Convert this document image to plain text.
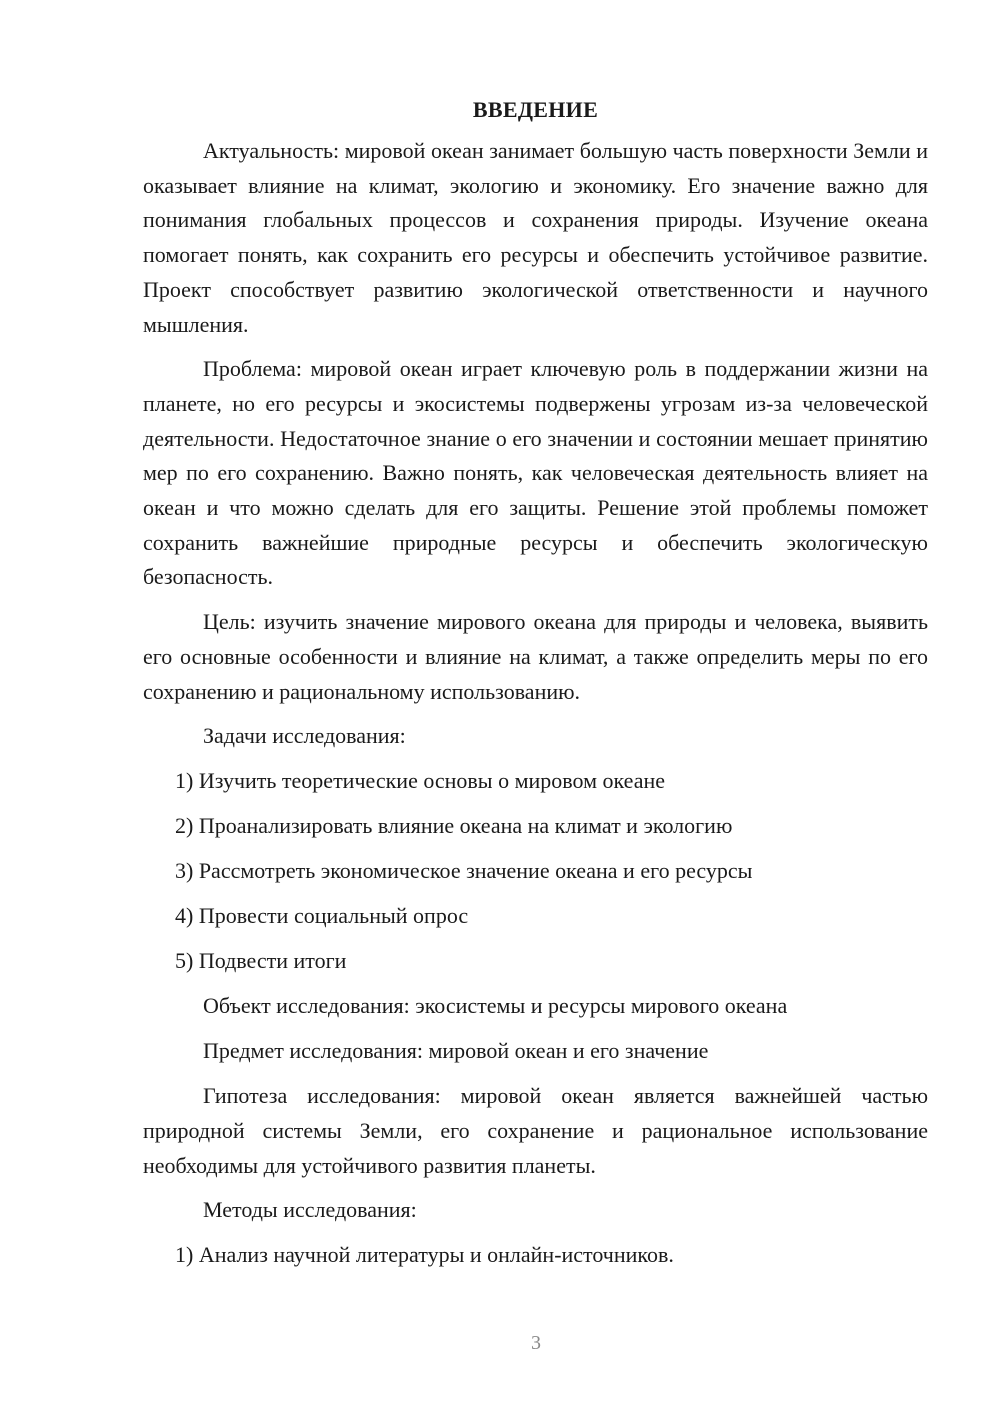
ВВЕДЕНИЕ

Актуальность: мировой океан занимает большую часть поверхности Земли и оказывает влияние на климат, экологию и экономику. Его значение важно для понимания глобальных процессов и сохранения природы. Изучение океана помогает понять, как сохранить его ресурсы и обеспечить устойчивое развитие. Проект способствует развитию экологической ответственности и научного мышления.

Проблема: мировой океан играет ключевую роль в поддержании жизни на планете, но его ресурсы и экосистемы подвержены угрозам из-за человеческой деятельности. Недостаточное знание о его значении и состоянии мешает принятию мер по его сохранению. Важно понять, как человеческая деятельность влияет на океан и что можно сделать для его защиты. Решение этой проблемы поможет сохранить важнейшие природные ресурсы и обеспечить экологическую безопасность.

Цель: изучить значение мирового океана для природы и человека, выявить его основные особенности и влияние на климат, а также определить меры по его сохранению и рациональному использованию.

Задачи исследования:
1) Изучить теоретические основы о мировом океане
2) Проанализировать влияние океана на климат и экологию
3) Рассмотреть экономическое значение океана и его ресурсы
4) Провести социальный опрос
5) Подвести итоги
Объект исследования: экосистемы и ресурсы мирового океана
Предмет исследования: мировой океан и его значение

Гипотеза исследования: мировой океан является важнейшей частью природной системы Земли, его сохранение и рациональное использование необходимы для устойчивого развития планеты.

Методы исследования:
1) Анализ научной литературы и онлайн-источников.
3
